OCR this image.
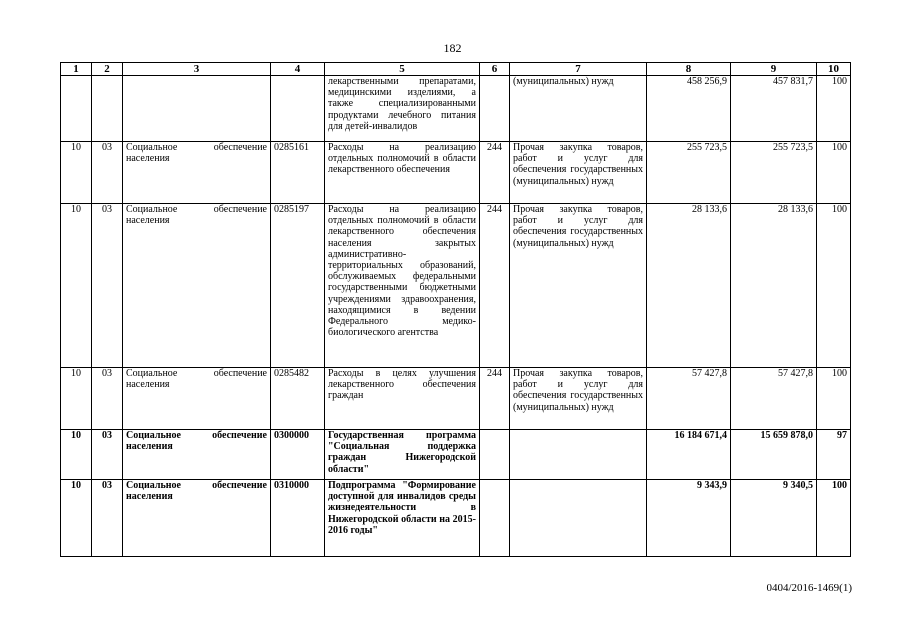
182
1	2	3	4	5	6	7	8	9	10
				лекарственными препаратами, медицинскими изделиями, а также специализированными продуктами лечебного питания для детей-инвалидов		(муниципальных) нужд	458 256,9	457 831,7	100
10	03	Социальное обеспечение населения	0285161	Расходы на реализацию отдельных полномочий в области лекарственного обеспечения	244	Прочая закупка товаров, работ и услуг для обеспечения государственных (муниципальных) нужд	255 723,5	255 723,5	100
10	03	Социальное обеспечение населения	0285197	Расходы на реализацию отдельных полномочий в области лекарственного обеспечения населения закрытых административно-территориальных образований, обслуживаемых федеральными государственными бюджетными учреждениями здравоохранения, находящимися в ведении Федерального медико-биологического агентства	244	Прочая закупка товаров, работ и услуг для обеспечения государственных (муниципальных) нужд	28 133,6	28 133,6	100
10	03	Социальное обеспечение населения	0285482	Расходы в целях улучшения лекарственного обеспечения граждан	244	Прочая закупка товаров, работ и услуг для обеспечения государственных (муниципальных) нужд	57 427,8	57 427,8	100
10	03	Социальное обеспечение населения	0300000	Государственная программа "Социальная поддержка граждан Нижегородской области"			16 184 671,4	15 659 878,0	97
10	03	Социальное обеспечение населения	0310000	Подпрограмма "Формирование доступной для инвалидов среды жизнедеятельности в Нижегородской области на 2015-2016 годы"			9 343,9	9 340,5	100
0404/2016-1469(1)
